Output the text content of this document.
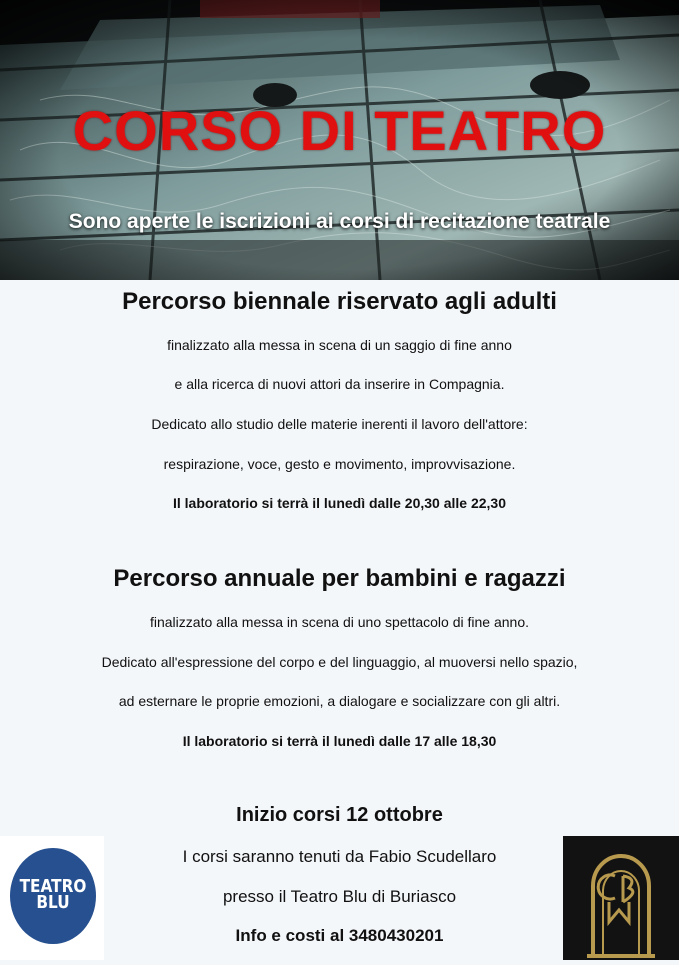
CORSO DI TEATRO
Sono aperte le iscrizioni ai corsi di recitazione teatrale
Percorso biennale riservato agli adulti
finalizzato alla messa in scena di un saggio di fine anno
e alla ricerca di nuovi attori da inserire in Compagnia.
Dedicato allo studio delle materie inerenti il lavoro dell'attore:
respirazione, voce, gesto e movimento, improvvisazione.
Il laboratorio si terrà il lunedì dalle 20,30 alle 22,30
Percorso annuale per bambini e ragazzi
finalizzato alla messa in scena di uno spettacolo di fine anno.
Dedicato all'espressione del corpo e del linguaggio, al muoversi nello spazio,
ad esternare le proprie emozioni, a dialogare e socializzare con gli altri.
Il laboratorio si terrà il lunedì dalle 17 alle 18,30
Inizio corsi 12 ottobre
I corsi saranno tenuti da Fabio Scudellaro
presso il Teatro Blu di Buriasco
Info e costi al 3480430201
TEATRO
BLU
